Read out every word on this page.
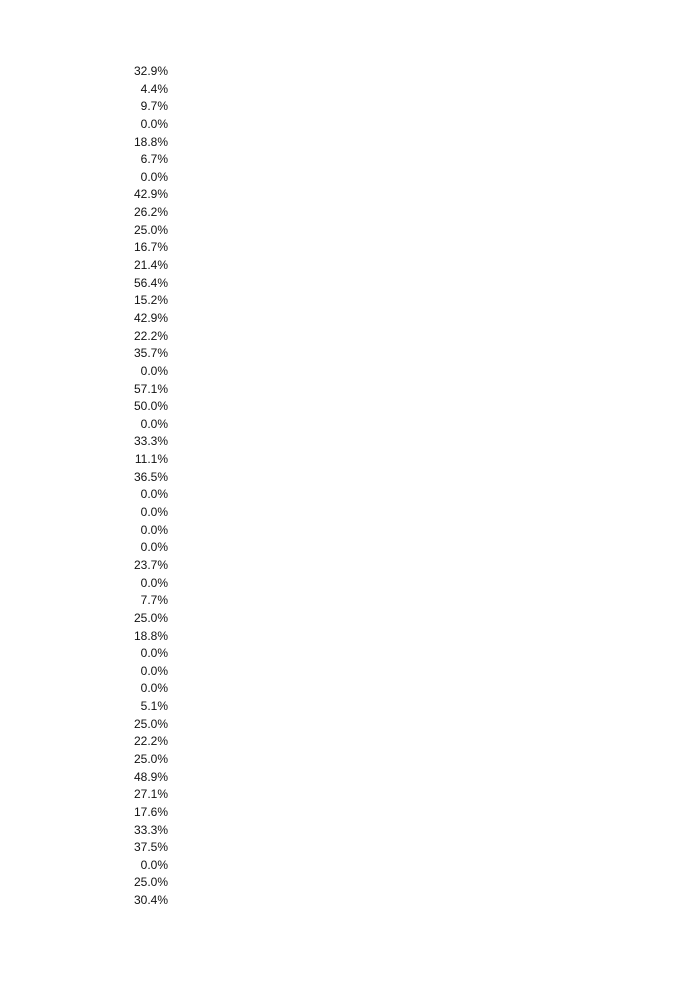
32.9%
4.4%
9.7%
0.0%
18.8%
6.7%
0.0%
42.9%
26.2%
25.0%
16.7%
21.4%
56.4%
15.2%
42.9%
22.2%
35.7%
0.0%
57.1%
50.0%
0.0%
33.3%
11.1%
36.5%
0.0%
0.0%
0.0%
0.0%
23.7%
0.0%
7.7%
25.0%
18.8%
0.0%
0.0%
0.0%
5.1%
25.0%
22.2%
25.0%
48.9%
27.1%
17.6%
33.3%
37.5%
0.0%
25.0%
30.4%
